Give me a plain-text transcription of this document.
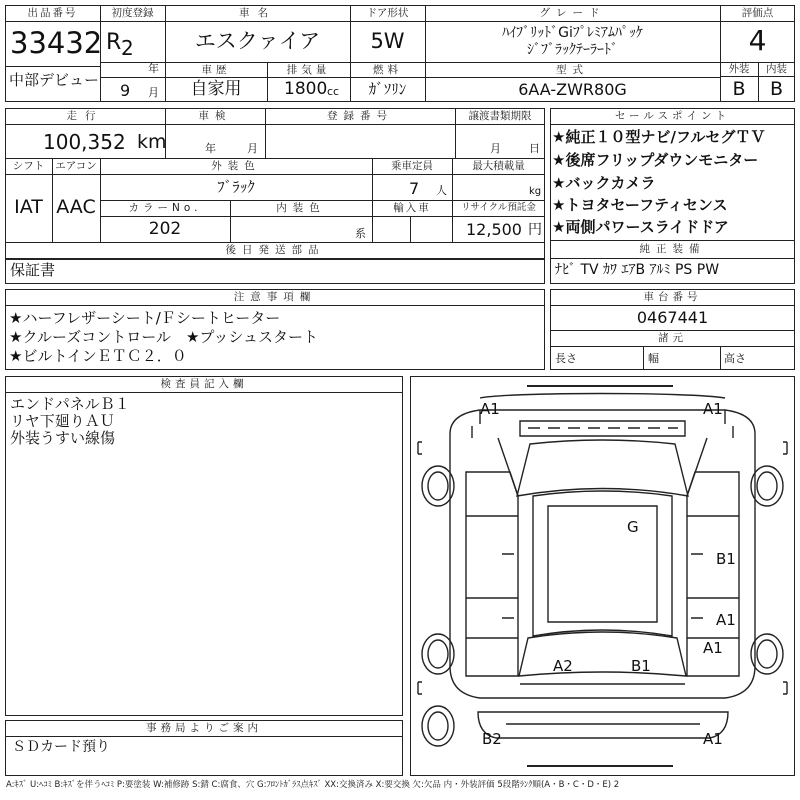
出品番号
33432
中部デビュー
初度登録
R 2
年
9 月
車名
エスクァイア
ドア形状
5W
グレード
ﾊｲﾌﾞﾘｯﾄﾞGiﾌﾟﾚﾐｱﾑﾊﾟｯｹ
ｼﾞﾌﾞﾗｯｸﾃｰﾗｰﾄﾞ
評価点
4
外装	内装
B	B
車歴
自家用
排気量
1800 cc
燃料
ｶﾞｿﾘﾝ
型式
6AA-ZWR80G
走行
100,352 km
車検
年	月
登録番号	譲渡書類期限
月	日
シフト
IAT
エアコン
AAC
外装色
ﾌﾞﾗｯｸ
乗車定員
7 人
最大積載量
kg
カラーNo.
202
内装色
系
輸入車	リサイクル預託金
12,500 円
後日発送部品
保証書
セールスポイント
★純正１０型ナビ/フルセグＴＶ
★後席フリップダウンモニター
★バックカメラ
★トヨタセーフティセンス
★両側パワースライドドア
純正装備
ﾅﾋﾞ TV ｶﾜ ｴｱB ｱﾙﾐ PS PW
注意事項欄
★ハーフレザーシート/Ｆシートヒーター
★クルーズコントロール　★プッシュスタート
★ビルトインＥＴＣ２．０
車台番号
0467441
諸元
長さ	幅	高さ
検査員記入欄
エンドパネルＢ１
リヤ下廻りＡＵ
外装うすい線傷
事務局よりご案内
ＳＤカード預り
A1	A1
G
B1
A1
A1
A2	B1
B2	A1
A:ｷｽﾞ U:ﾍｺﾐ B:ｷｽﾞを伴うﾍｺﾐ P:要塗装 W:補修跡 S:錆 C:腐食、穴 G:ﾌﾛﾝﾄｶﾞﾗｽ点ｷｽﾞ XX:交換済み X:要交換 欠:欠品 内・外装評価 5段階ﾗﾝｸ順(A・B・C・D・E) 2
